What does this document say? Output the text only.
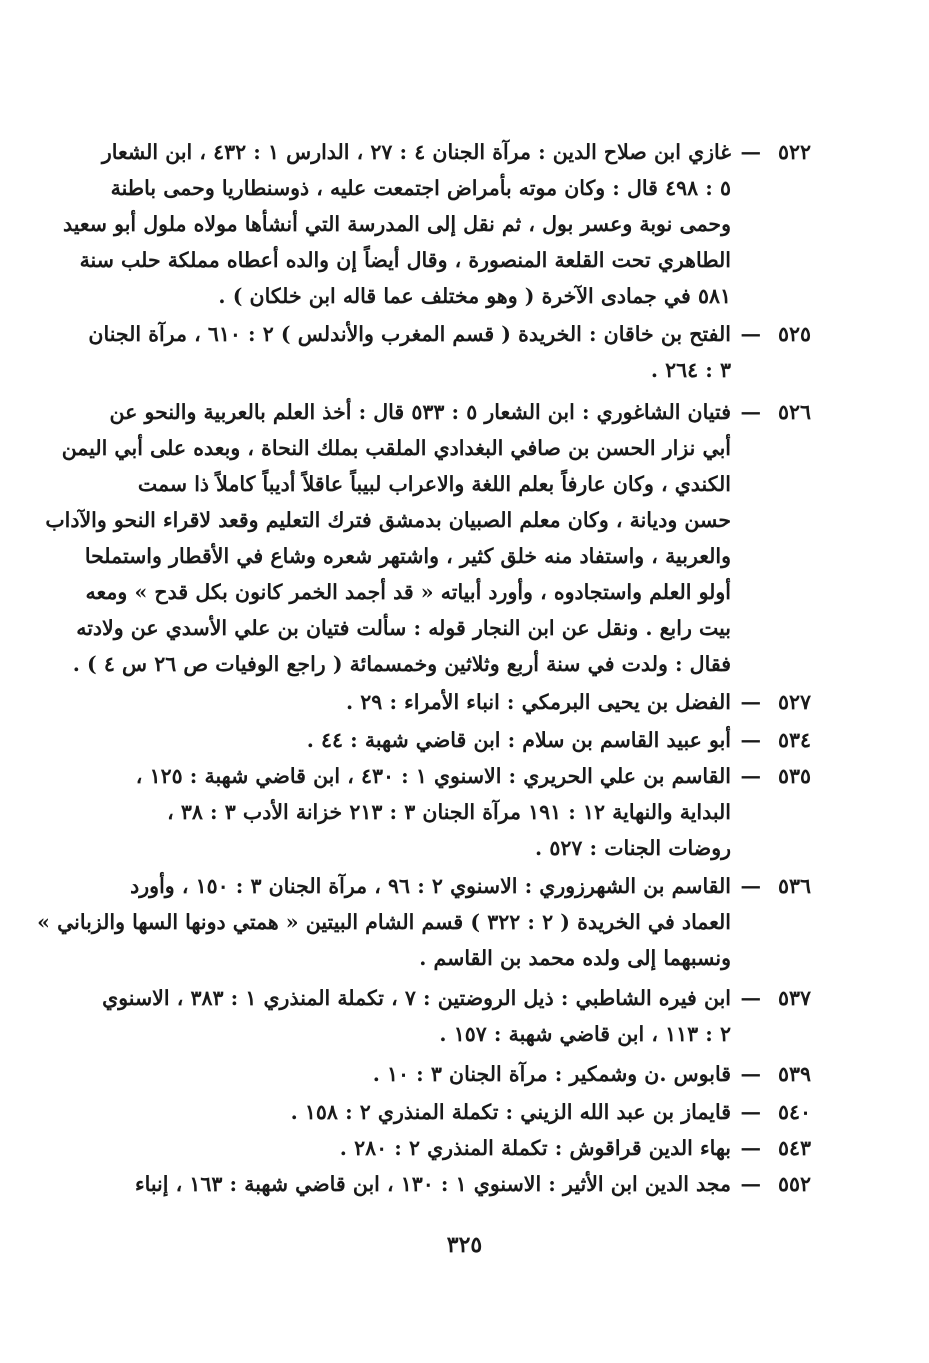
٥٢٢
—
غازي ابن صلاح الدين : مرآة الجنان ٤ : ٢٧ ، الدارس ١ : ٤٣٢ ، ابن الشعار
٥ : ٤٩٨ قال : وكان موته بأمراض اجتمعت عليه ، ذوسنطاريا وحمى باطنة
وحمى نوبة وعسر بول ، ثم نقل إلى المدرسة التي أنشأها مولاه ملول أبو سعيد
الطاهري تحت القلعة المنصورة ، وقال أيضاً إن والده أعطاه مملكة حلب سنة
٥٨١ في جمادى الآخرة ( وهو مختلف عما قاله ابن خلكان ) .
٥٢٥
—
الفتح بن خاقان : الخريدة ( قسم المغرب والأندلس ) ٢ : ٦١٠ ، مرآة الجنان
٣ : ٢٦٤ .
٥٢٦
—
فتيان الشاغوري : ابن الشعار ٥ : ٥٣٣ قال : أخذ العلم بالعربية والنحو عن
أبي نزار الحسن بن صافي البغدادي الملقب بملك النحاة ، وبعده على أبي اليمن
الكندي ، وكان عارفاً بعلم اللغة والاعراب لبيباً عاقلاً أديباً كاملاً ذا سمت
حسن وديانة ، وكان معلم الصبيان بدمشق فترك التعليم وقعد لاقراء النحو والآداب
والعربية ، واستفاد منه خلق كثير ، واشتهر شعره وشاع في الأقطار واستملحا
أولو العلم واستجادوه ، وأورد أبياته « قد أجمد الخمر كانون بكل قدح » ومعه
بيت رابع . ونقل عن ابن النجار قوله : سألت فتيان بن علي الأسدي عن ولادته
فقال : ولدت في سنة أربع وثلاثين وخمسمائة ( راجع الوفيات ص ٢٦ س ٤ ) .
٥٢٧
—
الفضل بن يحيى البرمكي : انباء الأمراء : ٢٩ .
٥٣٤
—
أبو عبيد القاسم بن سلام : ابن قاضي شهبة : ٤٤ .
٥٣٥
—
القاسم بن علي الحريري : الاسنوي ١ : ٤٣٠ ، ابن قاضي شهبة : ١٢٥ ،
البداية والنهاية ١٢ : ١٩١ مرآة الجنان ٣ : ٢١٣ خزانة الأدب ٣ : ٣٨ ،
روضات الجنات : ٥٢٧ .
٥٣٦
—
القاسم بن الشهرزوري : الاسنوي ٢ : ٩٦ ، مرآة الجنان ٣ : ١٥٠ ، وأورد
العماد في الخريدة ( ٢ : ٣٢٢ ) قسم الشام البيتين « همتي دونها السها والزباني »
ونسبهما إلى ولده محمد بن القاسم .
٥٣٧
—
ابن فيره الشاطبي : ذيل الروضتين : ٧ ، تكملة المنذري ١ : ٣٨٣ ، الاسنوي
٢ : ١١٣ ، ابن قاضي شهبة : ١٥٧ .
٥٣٩
—
قابوس .ن وشمكير : مرآة الجنان ٣ : ١٠ .
٥٤٠
—
قايماز بن عبد الله الزيني : تكملة المنذري ٢ : ١٥٨ .
٥٤٣
—
بهاء الدين قراقوش : تكملة المنذري ٢ : ٢٨٠ .
٥٥٢
—
مجد الدين ابن الأثير : الاسنوي ١ : ١٣٠ ، ابن قاضي شهبة : ١٦٣ ، إنباء
٣٢٥
